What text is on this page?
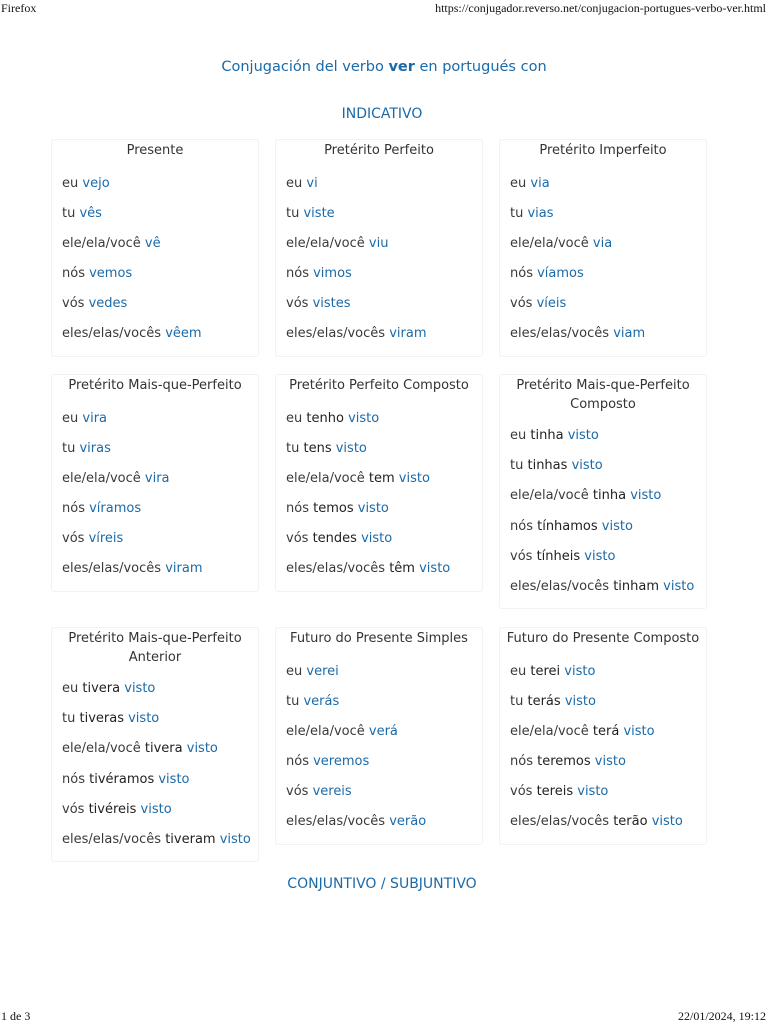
Firefox	https://conjugador.reverso.net/conjugacion-portugues-verbo-ver.html
Conjugación del verbo ver en portugués con
INDICATIVO
Presente
eu vejo
tu vês
ele/ela/você vê
nós vemos
vós vedes
eles/elas/vocês vêem
Pretérito Perfeito
eu vi
tu viste
ele/ela/você viu
nós vimos
vós vistes
eles/elas/vocês viram
Pretérito Imperfeito
eu via
tu vias
ele/ela/você via
nós víamos
vós víeis
eles/elas/vocês viam
Pretérito Mais-que-Perfeito
eu vira
tu viras
ele/ela/você vira
nós víramos
vós víreis
eles/elas/vocês viram
Pretérito Perfeito Composto
eu tenho visto
tu tens visto
ele/ela/você tem visto
nós temos visto
vós tendes visto
eles/elas/vocês têm visto
Pretérito Mais-que-Perfeito Composto
eu tinha visto
tu tinhas visto
ele/ela/você tinha visto
nós tínhamos visto
vós tínheis visto
eles/elas/vocês tinham visto
Pretérito Mais-que-Perfeito Anterior
eu tivera visto
tu tiveras visto
ele/ela/você tivera visto
nós tivéramos visto
vós tivéreis visto
eles/elas/vocês tiveram visto
Futuro do Presente Simples
eu verei
tu verás
ele/ela/você verá
nós veremos
vós vereis
eles/elas/vocês verão
Futuro do Presente Composto
eu terei visto
tu terás visto
ele/ela/você terá visto
nós teremos visto
vós tereis visto
eles/elas/vocês terão visto
CONJUNTIVO / SUBJUNTIVO
1 de 3	22/01/2024, 19:12
